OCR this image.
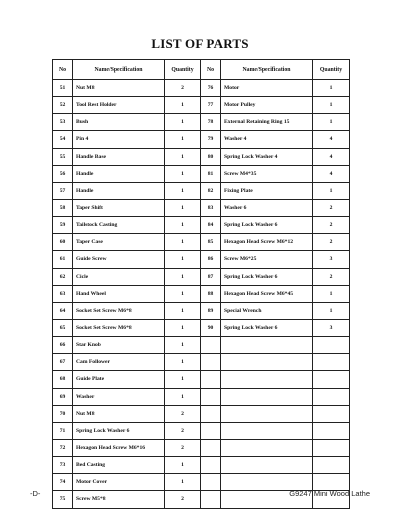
LIST OF PARTS
No	Name/Specification	Quantity	No	Name/Specification	Quantity
51	Nut M8	2	76	Motor	1
52	Tool Rest Holder	1	77	Motor Pulley	1
53	Bush	1	78	External Retaining Ring 15	1
54	Pin 4	1	79	Washer 4	4
55	Handle Base	1	80	Spring Lock Washer 4	4
56	Handle	1	81	Screw M4*35	4
57	Handle	1	82	Fixing Plate	1
58	Taper Shift	1	83	Washer 6	2
59	Tailstock Casting	1	84	Spring Lock Washer 6	2
60	Taper Case	1	85	Hexagon Head Screw M6*12	2
61	Guide Screw	1	86	Screw M6*25	3
62	Cicle	1	87	Spring Lock Washer 6	2
63	Hand Wheel	1	88	Hexagon Head Screw M6*45	1
64	Socket Set Screw M6*8	1	89	Special Wrench	1
65	Socket Set Screw M6*8	1	90	Spring Lock Washer 6	3
66	Star Knob	1			
67	Cam Follower	1			
68	Guide Plate	1			
69	Washer	1			
70	Nut M8	2			
71	Spring Lock Washer 6	2			
72	Hexagon Head Screw M6*16	2			
73	Bed Casting	1			
74	Motor Cover	1			
75	Screw M5*8	2			
-D-	G9247 Mini Wood Lathe
